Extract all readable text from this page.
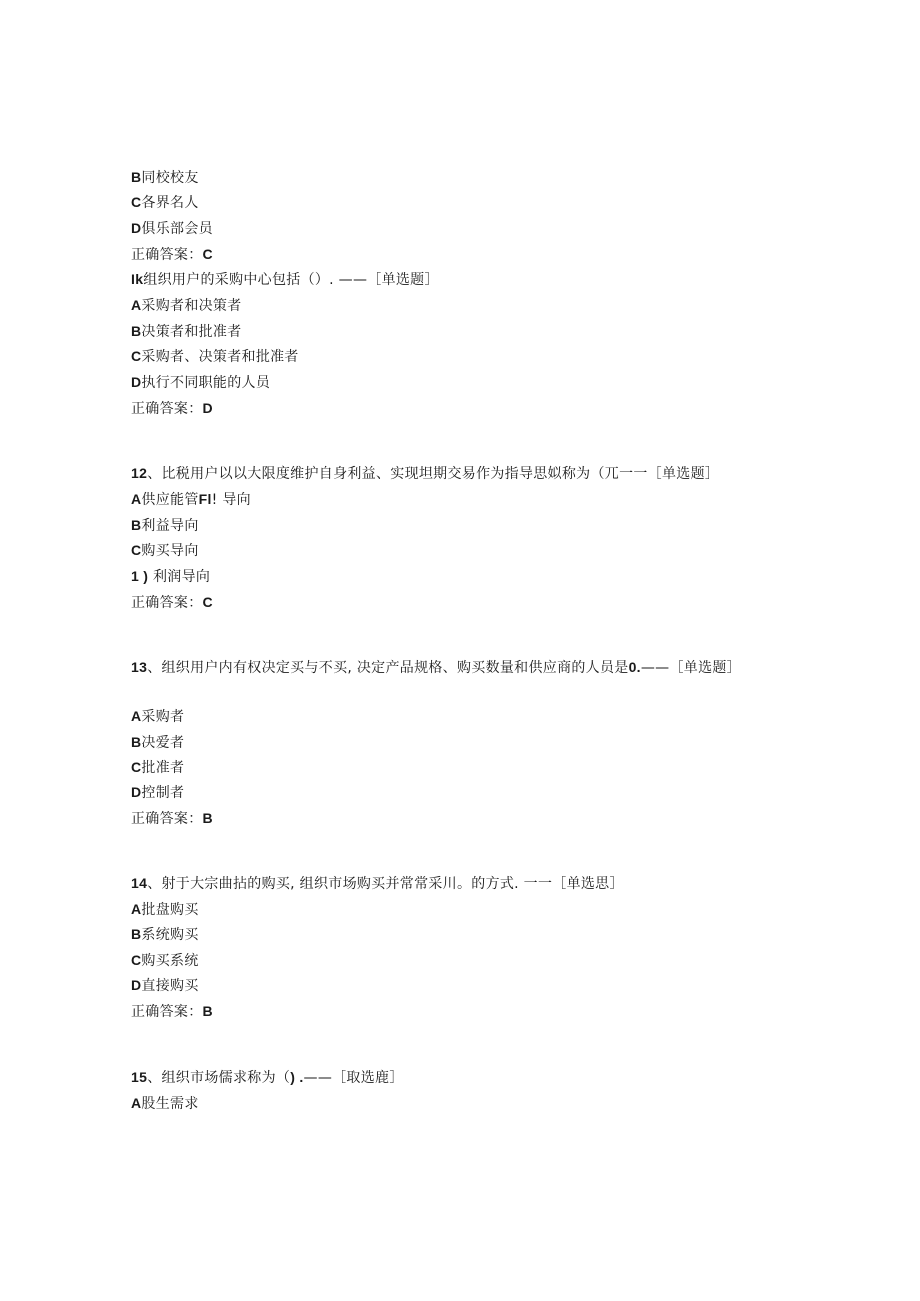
B同校校友
C各界名人
D俱乐部会员
正确答案：C
Ik组织用户的采购中心包括（）. ——［单选题］
A采购者和决策者
B决策者和批准者
C采购者、决策者和批准者
D执行不同职能的人员
正确答案：D
12、比税用户以以大限度维护自身利益、实现坦期交易作为指导思姒称为（兀一一［单选题］
A供应能管Fl! 导向
B利益导向
C购买导向
1 ) 利润导向
正确答案：C
13、组织用户内有权决定买与不买, 决定产品规格、购买数量和供应商的人员是0.——［单选题］
A采购者
B决爱者
C批准者
D控制者
正确答案：B
14、射于大宗曲拈的购买, 组织市场购买并常常采川。的方式. 一一［单选思］
A批盘购买
B系统购买
C购买系统
D直接购买
正确答案：B
15、组织市场儒求称为（) .——［取选鹿］
A股生需求
